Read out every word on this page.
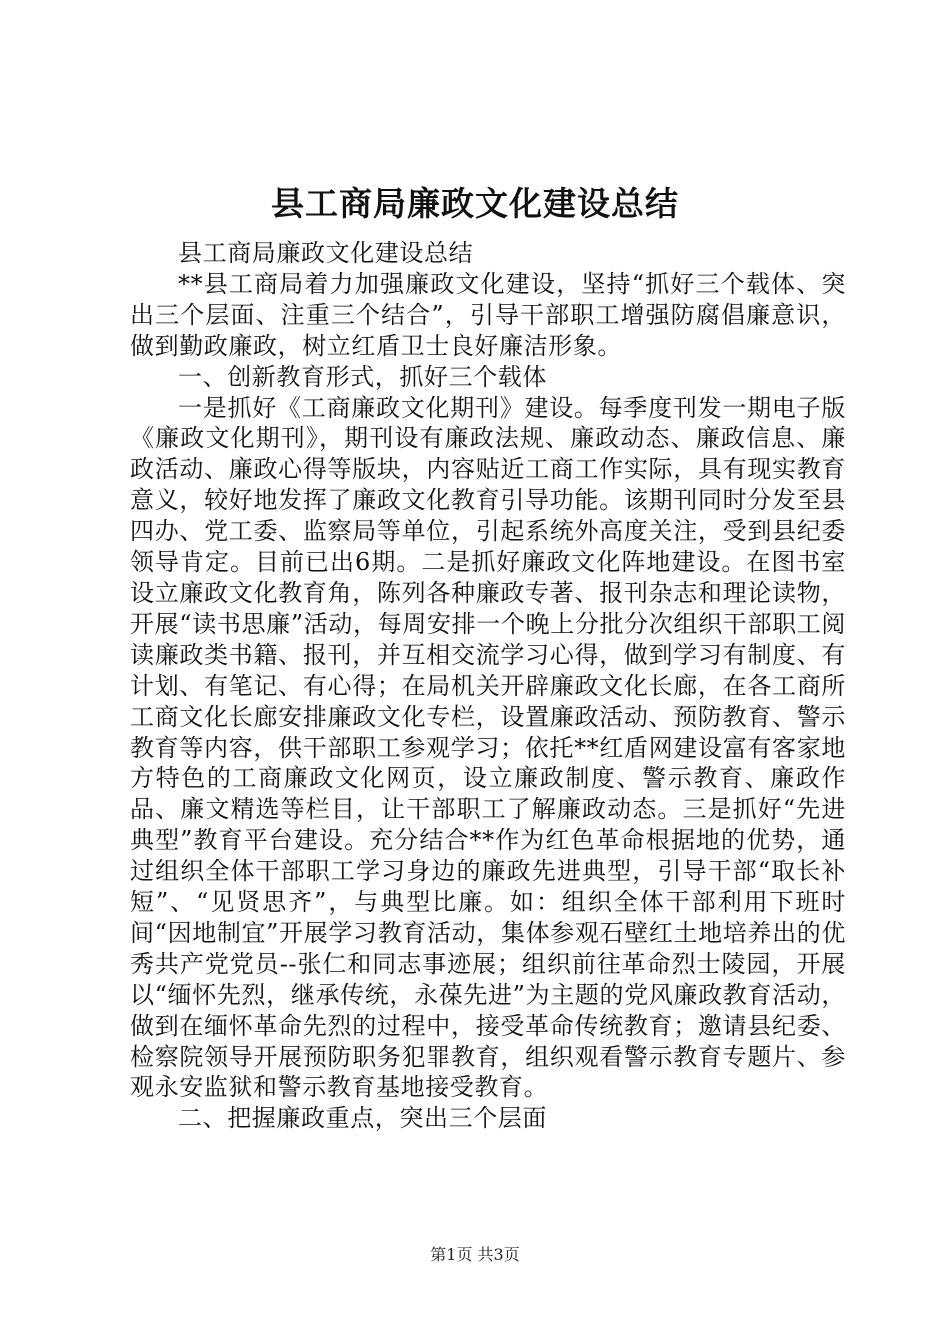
县工商局廉政文化建设总结

县工商局廉政文化建设总结

**县工商局着力加强廉政文化建设，坚持“抓好三个载体、突出三个层面、注重三个结合”，引导干部职工增强防腐倡廉意识，做到勤政廉政，树立红盾卫士良好廉洁形象。

一、创新教育形式，抓好三个载体

一是抓好《工商廉政文化期刊》建设。每季度刊发一期电子版《廉政文化期刊》，期刊设有廉政法规、廉政动态、廉政信息、廉政活动、廉政心得等版块，内容贴近工商工作实际，具有现实教育意义，较好地发挥了廉政文化教育引导功能。该期刊同时分发至县四办、党工委、监察局等单位，引起系统外高度关注，受到县纪委领导肯定。目前已出6期。二是抓好廉政文化阵地建设。在图书室设立廉政文化教育角，陈列各种廉政专著、报刊杂志和理论读物，开展“读书思廉”活动，每周安排一个晚上分批分次组织干部职工阅读廉政类书籍、报刊，并互相交流学习心得，做到学习有制度、有计划、有笔记、有心得；在局机关开辟廉政文化长廊，在各工商所工商文化长廊安排廉政文化专栏，设置廉政活动、预防教育、警示教育等内容，供干部职工参观学习；依托**红盾网建设富有客家地方特色的工商廉政文化网页，设立廉政制度、警示教育、廉政作品、廉文精选等栏目，让干部职工了解廉政动态。三是抓好“先进典型”教育平台建设。充分结合**作为红色革命根据地的优势，通过组织全体干部职工学习身边的廉政先进典型，引导干部“取长补短”、“见贤思齐”，与典型比廉。如：组织全体干部利用下班时间“因地制宜”开展学习教育活动，集体参观石壁红土地培养出的优秀共产党党员--张仁和同志事迹展；组织前往革命烈士陵园，开展以“缅怀先烈，继承传统，永葆先进”为主题的党风廉政教育活动，做到在缅怀革命先烈的过程中，接受革命传统教育；邀请县纪委、检察院领导开展预防职务犯罪教育，组织观看警示教育专题片、参观永安监狱和警示教育基地接受教育。

二、把握廉政重点，突出三个层面

第1页 共3页
